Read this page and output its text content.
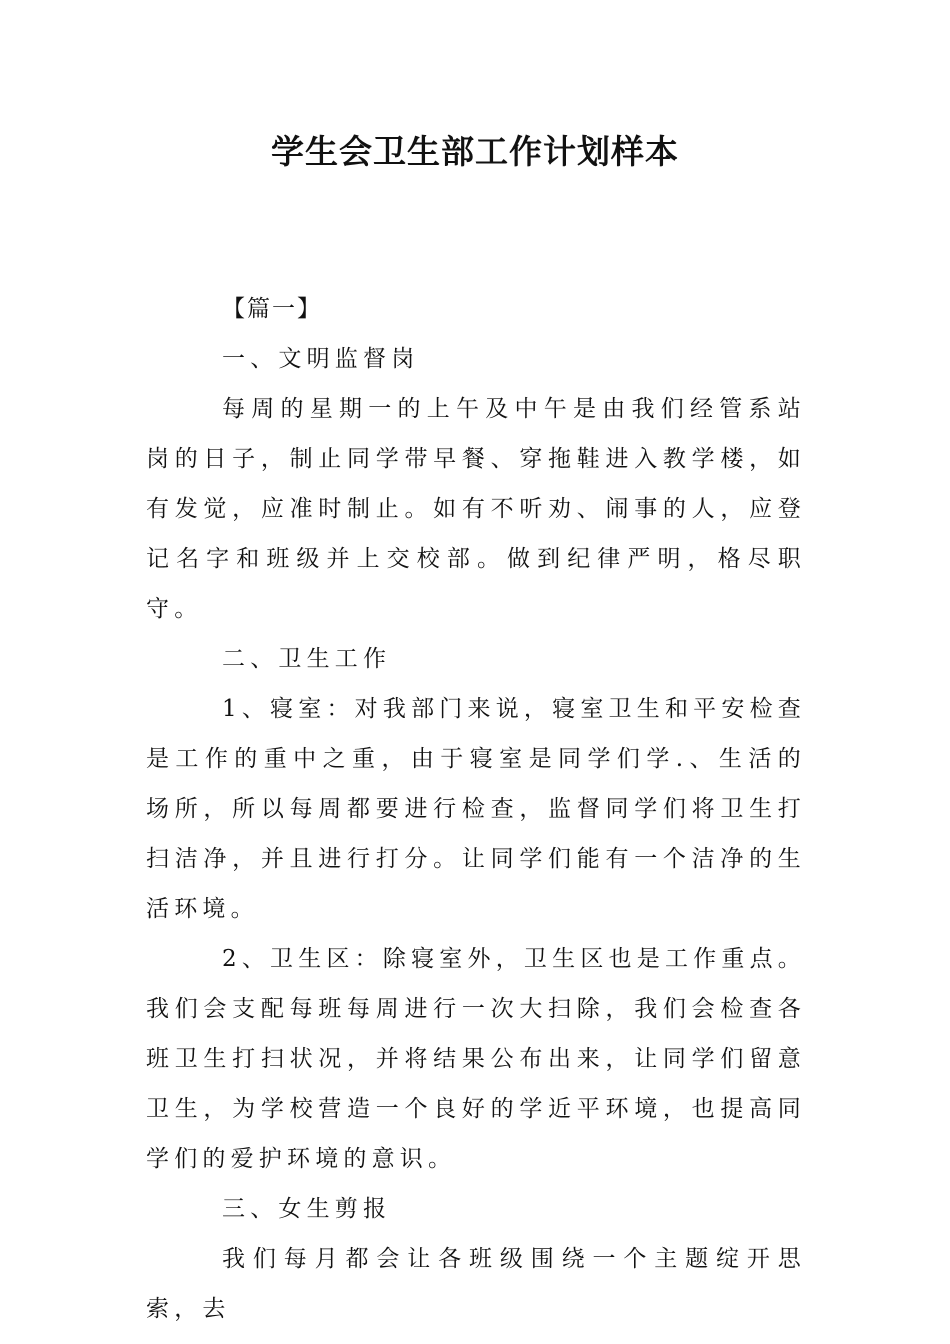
学生会卫生部工作计划样本

【篇一】

一、文明监督岗

每周的星期一的上午及中午是由我们经管系站岗的日子，制止同学带早餐、穿拖鞋进入教学楼，如有发觉，应准时制止。如有不听劝、闹事的人，应登记名字和班级并上交校部。做到纪律严明，格尽职守。

二、卫生工作

1、寝室：对我部门来说，寝室卫生和平安检查是工作的重中之重，由于寝室是同学们学.、生活的场所，所以每周都要进行检查，监督同学们将卫生打扫洁净，并且进行打分。让同学们能有一个洁净的生活环境。

2、卫生区：除寝室外，卫生区也是工作重点。我们会支配每班每周进行一次大扫除，我们会检查各班卫生打扫状况，并将结果公布出来，让同学们留意卫生，为学校营造一个良好的学近平环境，也提高同学们的爱护环境的意识。

三、女生剪报

我们每月都会让各班级围绕一个主题绽开思索，去
